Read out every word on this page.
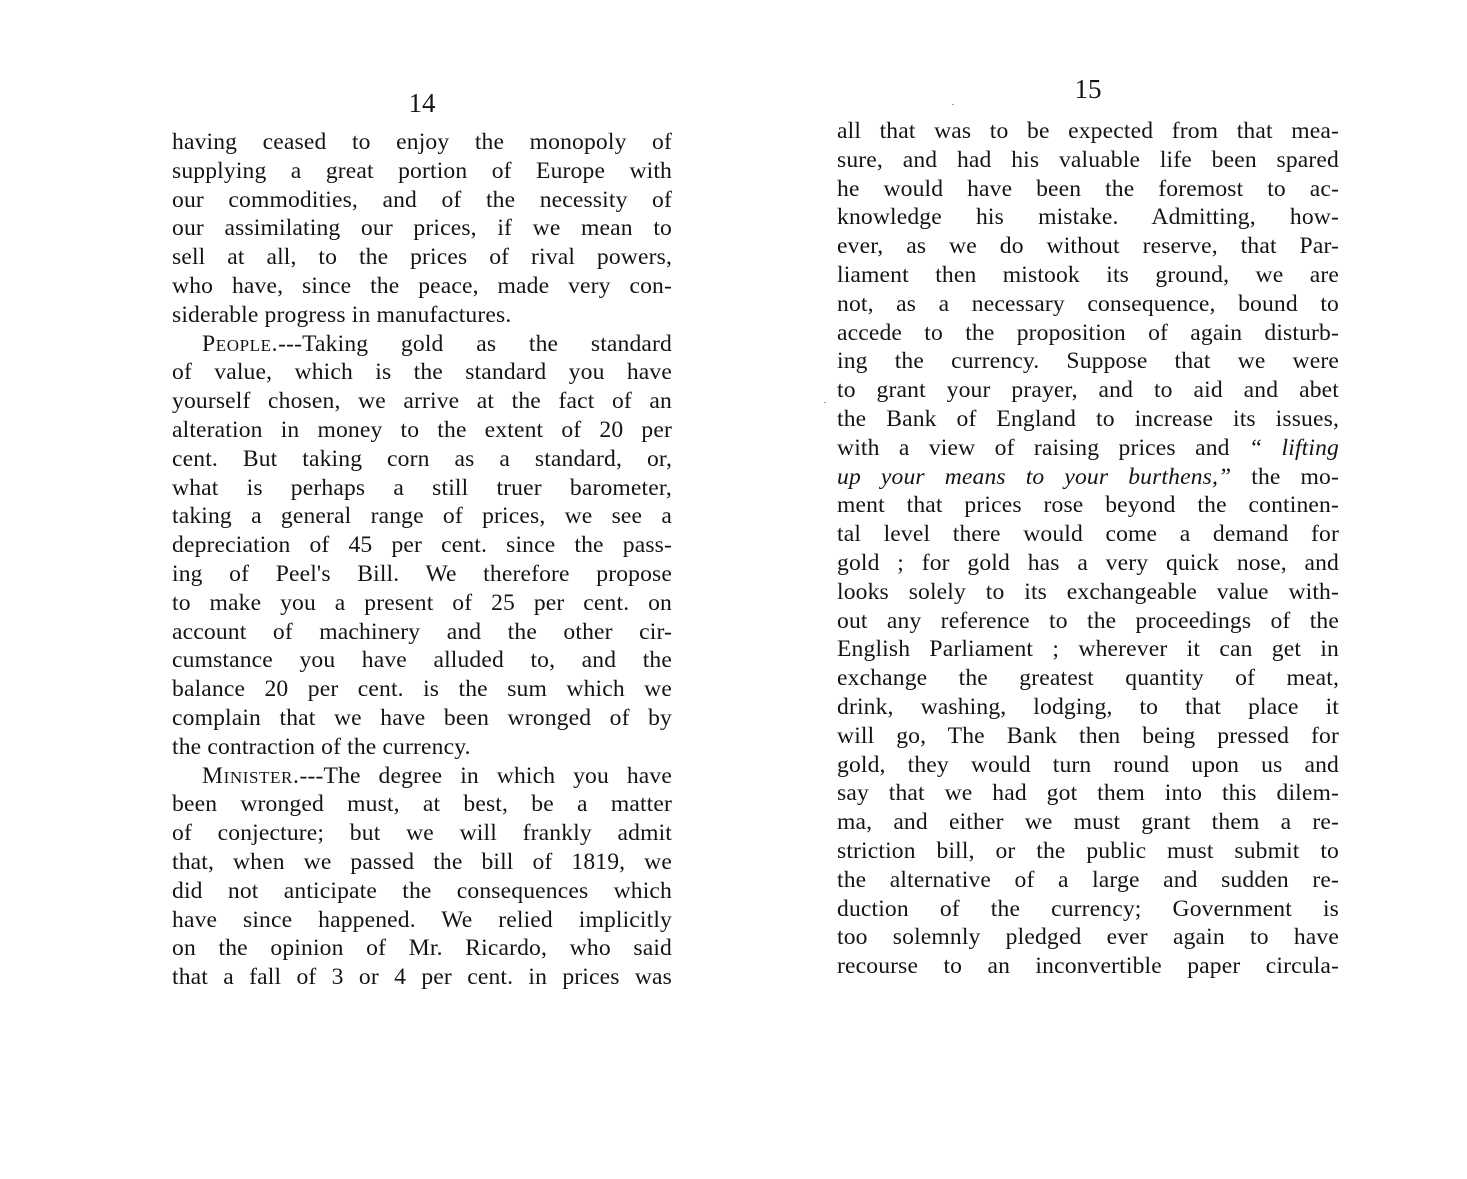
14
having ceased to enjoy the monopoly of
supplying a great portion of Europe with
our commodities, and of the necessity of
our assimilating our prices, if we mean to
sell at all, to the prices of rival powers,
who have, since the peace, made very con-
siderable progress in manufactures.
People.---Taking gold as the standard
of value, which is the standard you have
yourself chosen, we arrive at the fact of an
alteration in money to the extent of 20 per
cent. But taking corn as a standard, or,
what is perhaps a still truer barometer,
taking a general range of prices, we see a
depreciation of 45 per cent. since the pass-
ing of Peel's Bill. We therefore propose
to make you a present of 25 per cent. on
account of machinery and the other cir-
cumstance you have alluded to, and the
balance 20 per cent. is the sum which we
complain that we have been wronged of by
the contraction of the currency.
Minister.---The degree in which you have
been wronged must, at best, be a matter
of conjecture; but we will frankly admit
that, when we passed the bill of 1819, we
did not anticipate the consequences which
have since happened. We relied implicitly
on the opinion of Mr. Ricardo, who said
that a fall of 3 or 4 per cent. in prices was
15
all that was to be expected from that mea-
sure, and had his valuable life been spared
he would have been the foremost to ac-
knowledge his mistake. Admitting, how-
ever, as we do without reserve, that Par-
liament then mistook its ground, we are
not, as a necessary consequence, bound to
accede to the proposition of again disturb-
ing the currency. Suppose that we were
to grant your prayer, and to aid and abet
the Bank of England to increase its issues,
with a view of raising prices and “ lifting
up your means to your burthens,” the mo-
ment that prices rose beyond the continen-
tal level there would come a demand for
gold ; for gold has a very quick nose, and
looks solely to its exchangeable value with-
out any reference to the proceedings of the
English Parliament ; wherever it can get in
exchange the greatest quantity of meat,
drink, washing, lodging, to that place it
will go, The Bank then being pressed for
gold, they would turn round upon us and
say that we had got them into this dilem-
ma, and either we must grant them a re-
striction bill, or the public must submit to
the alternative of a large and sudden re-
duction of the currency; Government is
too solemnly pledged ever again to have
recourse to an inconvertible paper circula-
